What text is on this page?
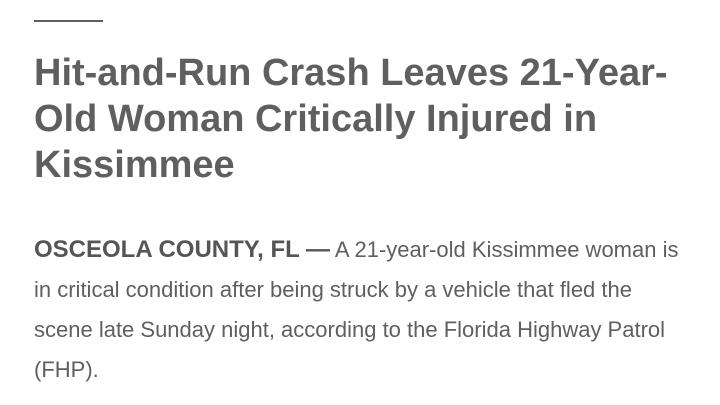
Hit-and-Run Crash Leaves 21-Year-Old Woman Critically Injured in Kissimmee

OSCEOLA COUNTY, FL — A 21-year-old Kissimmee woman is in critical condition after being struck by a vehicle that fled the scene late Sunday night, according to the Florida Highway Patrol (FHP).
